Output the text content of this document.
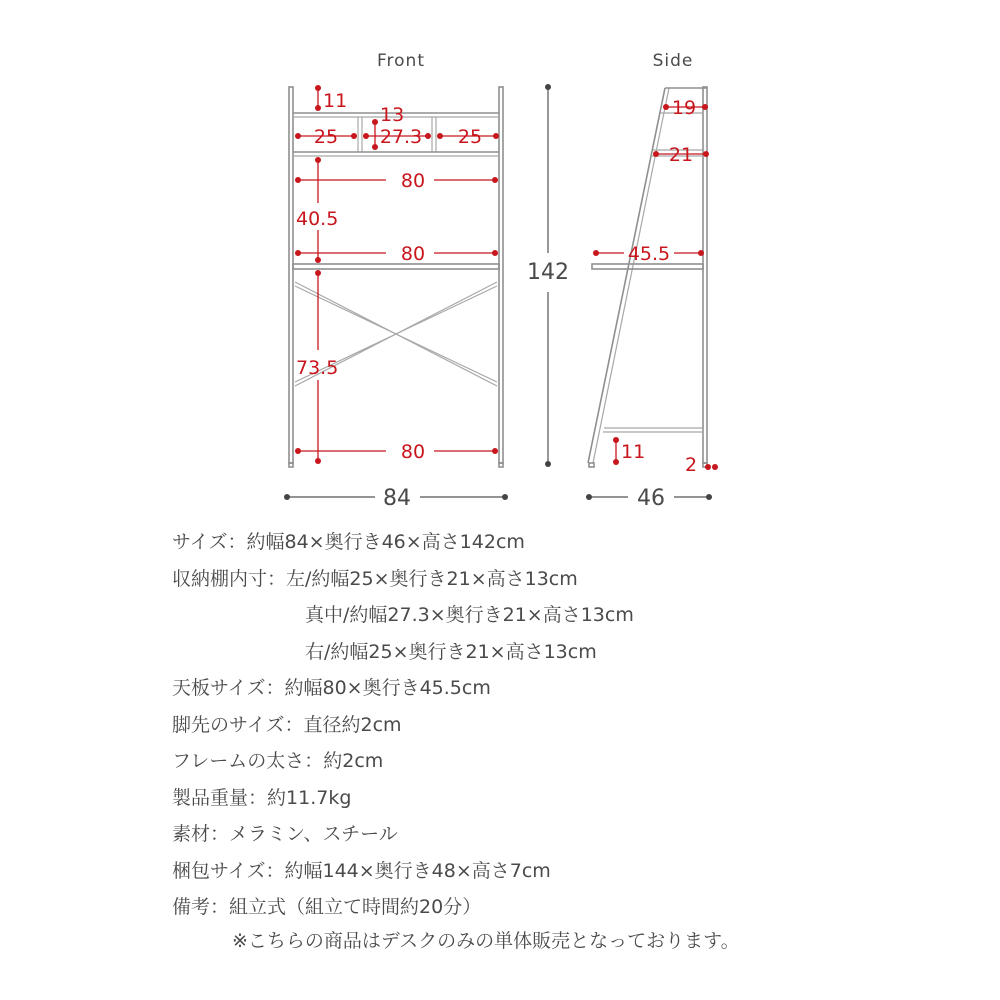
Front
11
13
25 27.3 25
80
40.5
80
73.5
80
84
142
Side
19
21
45.5
11
2
46
サイズ：約幅84×奥行き46×高さ142cm
収納棚内寸：左/約幅25×奥行き21×高さ13cm
真中/約幅27.3×奥行き21×高さ13cm
右/約幅25×奥行き21×高さ13cm
天板サイズ：約幅80×奥行き45.5cm
脚先のサイズ：直径約2cm
フレームの太さ：約2cm
製品重量：約11.7kg
素材：メラミン、スチール
梱包サイズ：約幅144×奥行き48×高さ7cm
備考：組立式（組立て時間約20分）
※こちらの商品はデスクのみの単体販売となっております。
